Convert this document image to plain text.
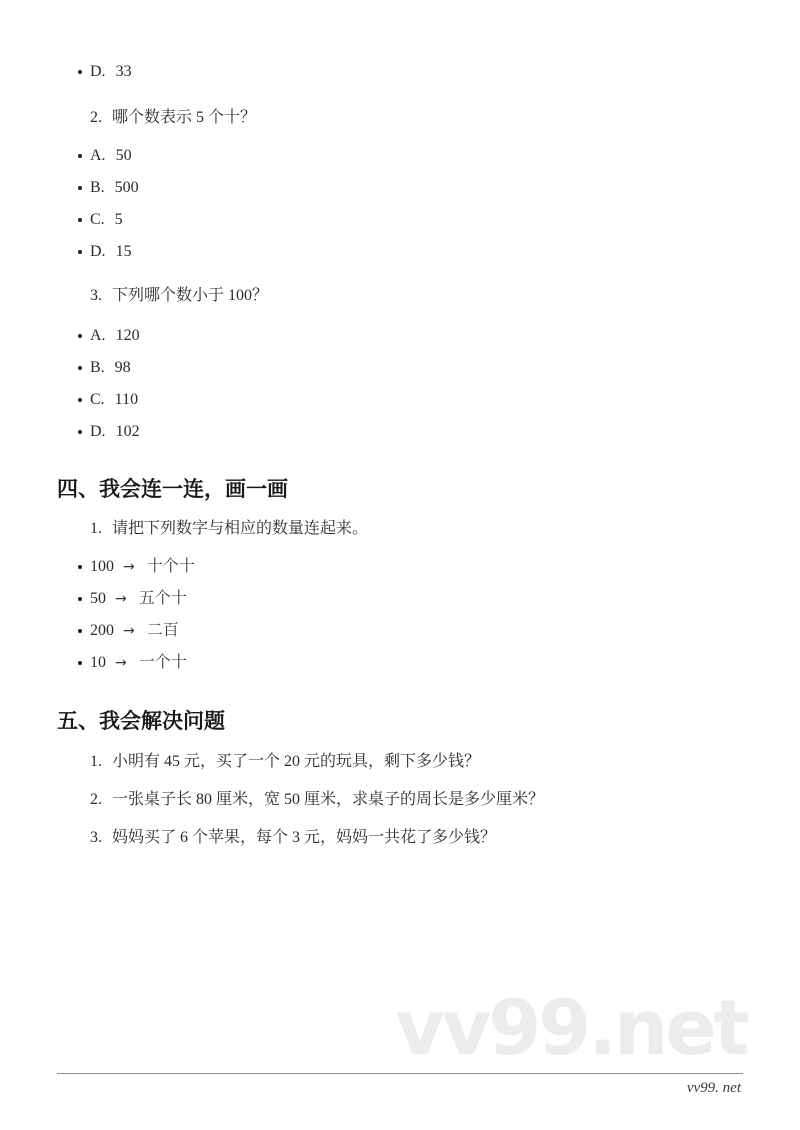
vv99.net
D. 33

2. 哪个数表示 5 个十？

A. 50
B. 500
C. 5
D. 15

3. 下列哪个数小于 100？

A. 120
B. 98
C. 110
D. 102
四、我会连一连，画一画

1. 请把下列数字与相应的数量连起来。

100 → 十个十
50 → 五个十
200 → 二百
10 → 一个十
五、我会解决问题

1. 小明有 45 元，买了一个 20 元的玩具，剩下多少钱？

2. 一张桌子长 80 厘米，宽 50 厘米，求桌子的周长是多少厘米？

3. 妈妈买了 6 个苹果，每个 3 元，妈妈一共花了多少钱？

vv99. net
